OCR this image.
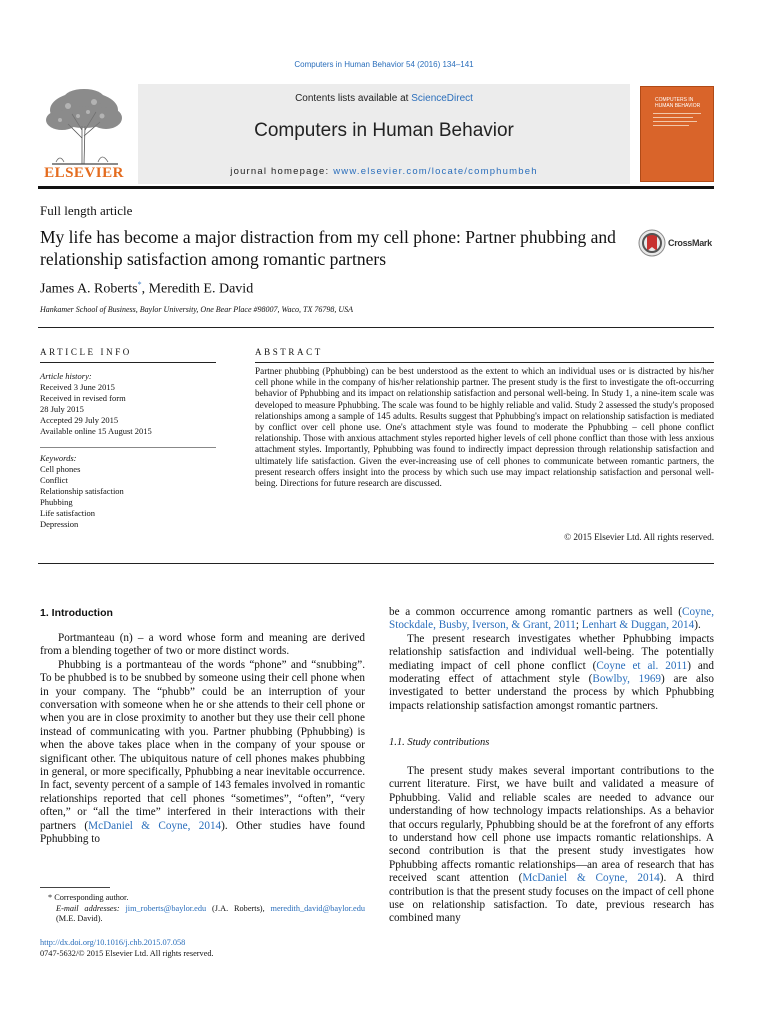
Computers in Human Behavior 54 (2016) 134–141
ELSEVIER
Contents lists available at ScienceDirect
Computers in Human Behavior
journal homepage: www.elsevier.com/locate/comphumbeh
COMPUTERS IN HUMAN BEHAVIOR
Full length article
My life has become a major distraction from my cell phone: Partner phubbing and relationship satisfaction among romantic partners
CrossMark
James A. Roberts*, Meredith E. David
Hankamer School of Business, Baylor University, One Bear Place #98007, Waco, TX 76798, USA
ARTICLE INFO
Article history:
Received 3 June 2015
Received in revised form
28 July 2015
Accepted 29 July 2015
Available online 15 August 2015
Keywords:
Cell phones
Conflict
Relationship satisfaction
Phubbing
Life satisfaction
Depression
ABSTRACT
Partner phubbing (Pphubbing) can be best understood as the extent to which an individual uses or is distracted by his/her cell phone while in the company of his/her relationship partner. The present study is the first to investigate the oft-occurring behavior of Pphubbing and its impact on relationship satisfaction and personal well-being. In Study 1, a nine-item scale was developed to measure Pphubbing. The scale was found to be highly reliable and valid. Study 2 assessed the study's proposed relationships among a sample of 145 adults. Results suggest that Pphubbing's impact on relationship satisfaction is mediated by conflict over cell phone use. One's attachment style was found to moderate the Pphubbing – cell phone conflict relationship. Those with anxious attachment styles reported higher levels of cell phone conflict than those with less anxious attachment styles. Importantly, Pphubbing was found to indirectly impact depression through relationship satisfaction and ultimately life satisfaction. Given the ever-increasing use of cell phones to communicate between romantic partners, the present research offers insight into the process by which such use may impact relationship satisfaction and personal well-being. Directions for future research are discussed.
© 2015 Elsevier Ltd. All rights reserved.
1. Introduction

Portmanteau (n) – a word whose form and meaning are derived from a blending together of two or more distinct words.

Phubbing is a portmanteau of the words “phone” and “snubbing”. To be phubbed is to be snubbed by someone using their cell phone when in your company. The “phubb” could be an interruption of your conversation with someone when he or she attends to their cell phone or when you are in close proximity to another but they use their cell phone instead of communicating with you. Partner phubbing (Pphubbing) is when the above takes place when in the company of your spouse or significant other. The ubiquitous nature of cell phones makes phubbing in general, or more specifically, Pphubbing a near inevitable occurrence. In fact, seventy percent of a sample of 143 females involved in romantic relationships reported that cell phones “sometimes”, “often”, “very often,” or “all the time” interfered in their interactions with their partners (McDaniel & Coyne, 2014). Other studies have found Pphubbing to

* Corresponding author.
E-mail addresses: jim_roberts@baylor.edu (J.A. Roberts), meredith_david@baylor.edu (M.E. David).
http://dx.doi.org/10.1016/j.chb.2015.07.058
0747-5632/© 2015 Elsevier Ltd. All rights reserved.

be a common occurrence among romantic partners as well (Coyne, Stockdale, Busby, Iverson, & Grant, 2011; Lenhart & Duggan, 2014).

The present research investigates whether Pphubbing impacts relationship satisfaction and individual well-being. The potentially mediating impact of cell phone conflict (Coyne et al. 2011) and moderating effect of attachment style (Bowlby, 1969) are also investigated to better understand the process by which Pphubbing impacts relationship satisfaction amongst romantic partners.

1.1. Study contributions

The present study makes several important contributions to the current literature. First, we have built and validated a measure of Pphubbing. Valid and reliable scales are needed to advance our understanding of how technology impacts relationships. As a behavior that occurs regularly, Pphubbing should be at the forefront of any efforts to understand how cell phone use impacts romantic relationships. A second contribution is that the present study investigates how Pphubbing affects romantic relationships—an area of research that has received scant attention (McDaniel & Coyne, 2014). A third contribution is that the present study focuses on the impact of cell phone use on relationship satisfaction. To date, previous research has combined many
